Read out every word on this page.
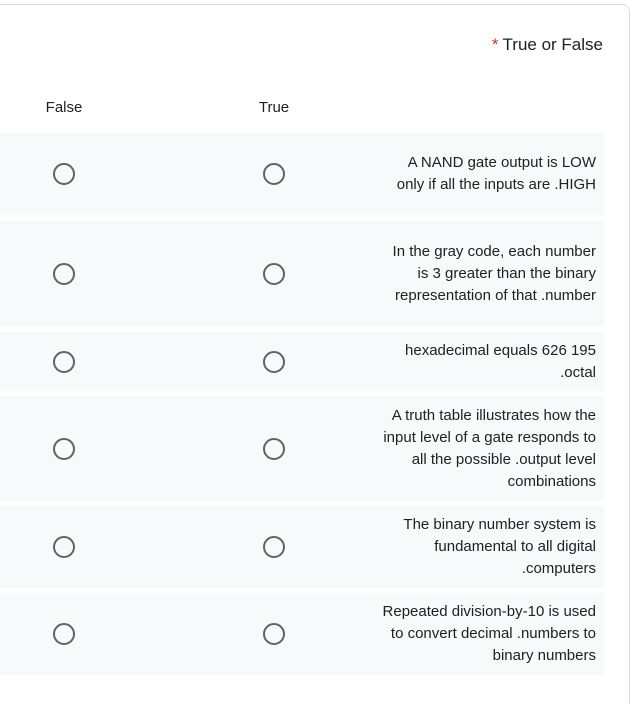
* True or False
False	True
A NAND gate output is LOW only if all the inputs are .HIGH
In the gray code, each number is 3 greater than the binary representation of that .number
hexadecimal equals 626 195 .octal
A truth table illustrates how the input level of a gate responds to all the possible .output level combinations
The binary number system is fundamental to all digital .computers
Repeated division-by-10 is used to convert decimal .numbers to binary numbers
